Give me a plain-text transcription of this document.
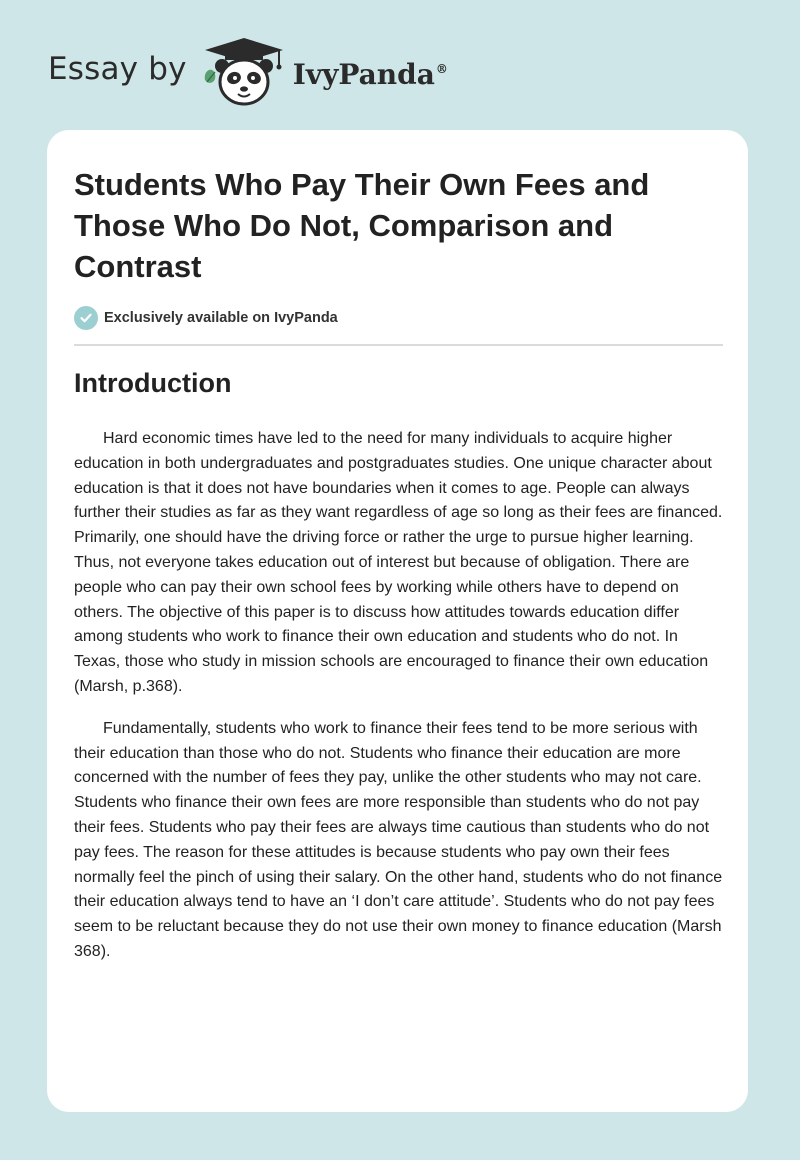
Essay by	IvyPanda®
Students Who Pay Their Own Fees and Those Who Do Not, Comparison and Contrast
Exclusively available on IvyPanda
Introduction

Hard economic times have led to the need for many individuals to acquire higher education in both undergraduates and postgraduates studies. One unique character about education is that it does not have boundaries when it comes to age. People can always further their studies as far as they want regardless of age so long as their fees are financed. Primarily, one should have the driving force or rather the urge to pursue higher learning. Thus, not everyone takes education out of interest but because of obligation. There are people who can pay their own school fees by working while others have to depend on others. The objective of this paper is to discuss how attitudes towards education differ among students who work to finance their own education and students who do not. In Texas, those who study in mission schools are encouraged to finance their own education (Marsh, p.368).

Fundamentally, students who work to finance their fees tend to be more serious with their education than those who do not. Students who finance their education are more concerned with the number of fees they pay, unlike the other students who may not care. Students who finance their own fees are more responsible than students who do not pay their fees. Students who pay their fees are always time cautious than students who do not pay fees. The reason for these attitudes is because students who pay own their fees normally feel the pinch of using their salary. On the other hand, students who do not finance their education always tend to have an ‘I don’t care attitude’. Students who do not pay fees seem to be reluctant because they do not use their own money to finance education (Marsh 368).
